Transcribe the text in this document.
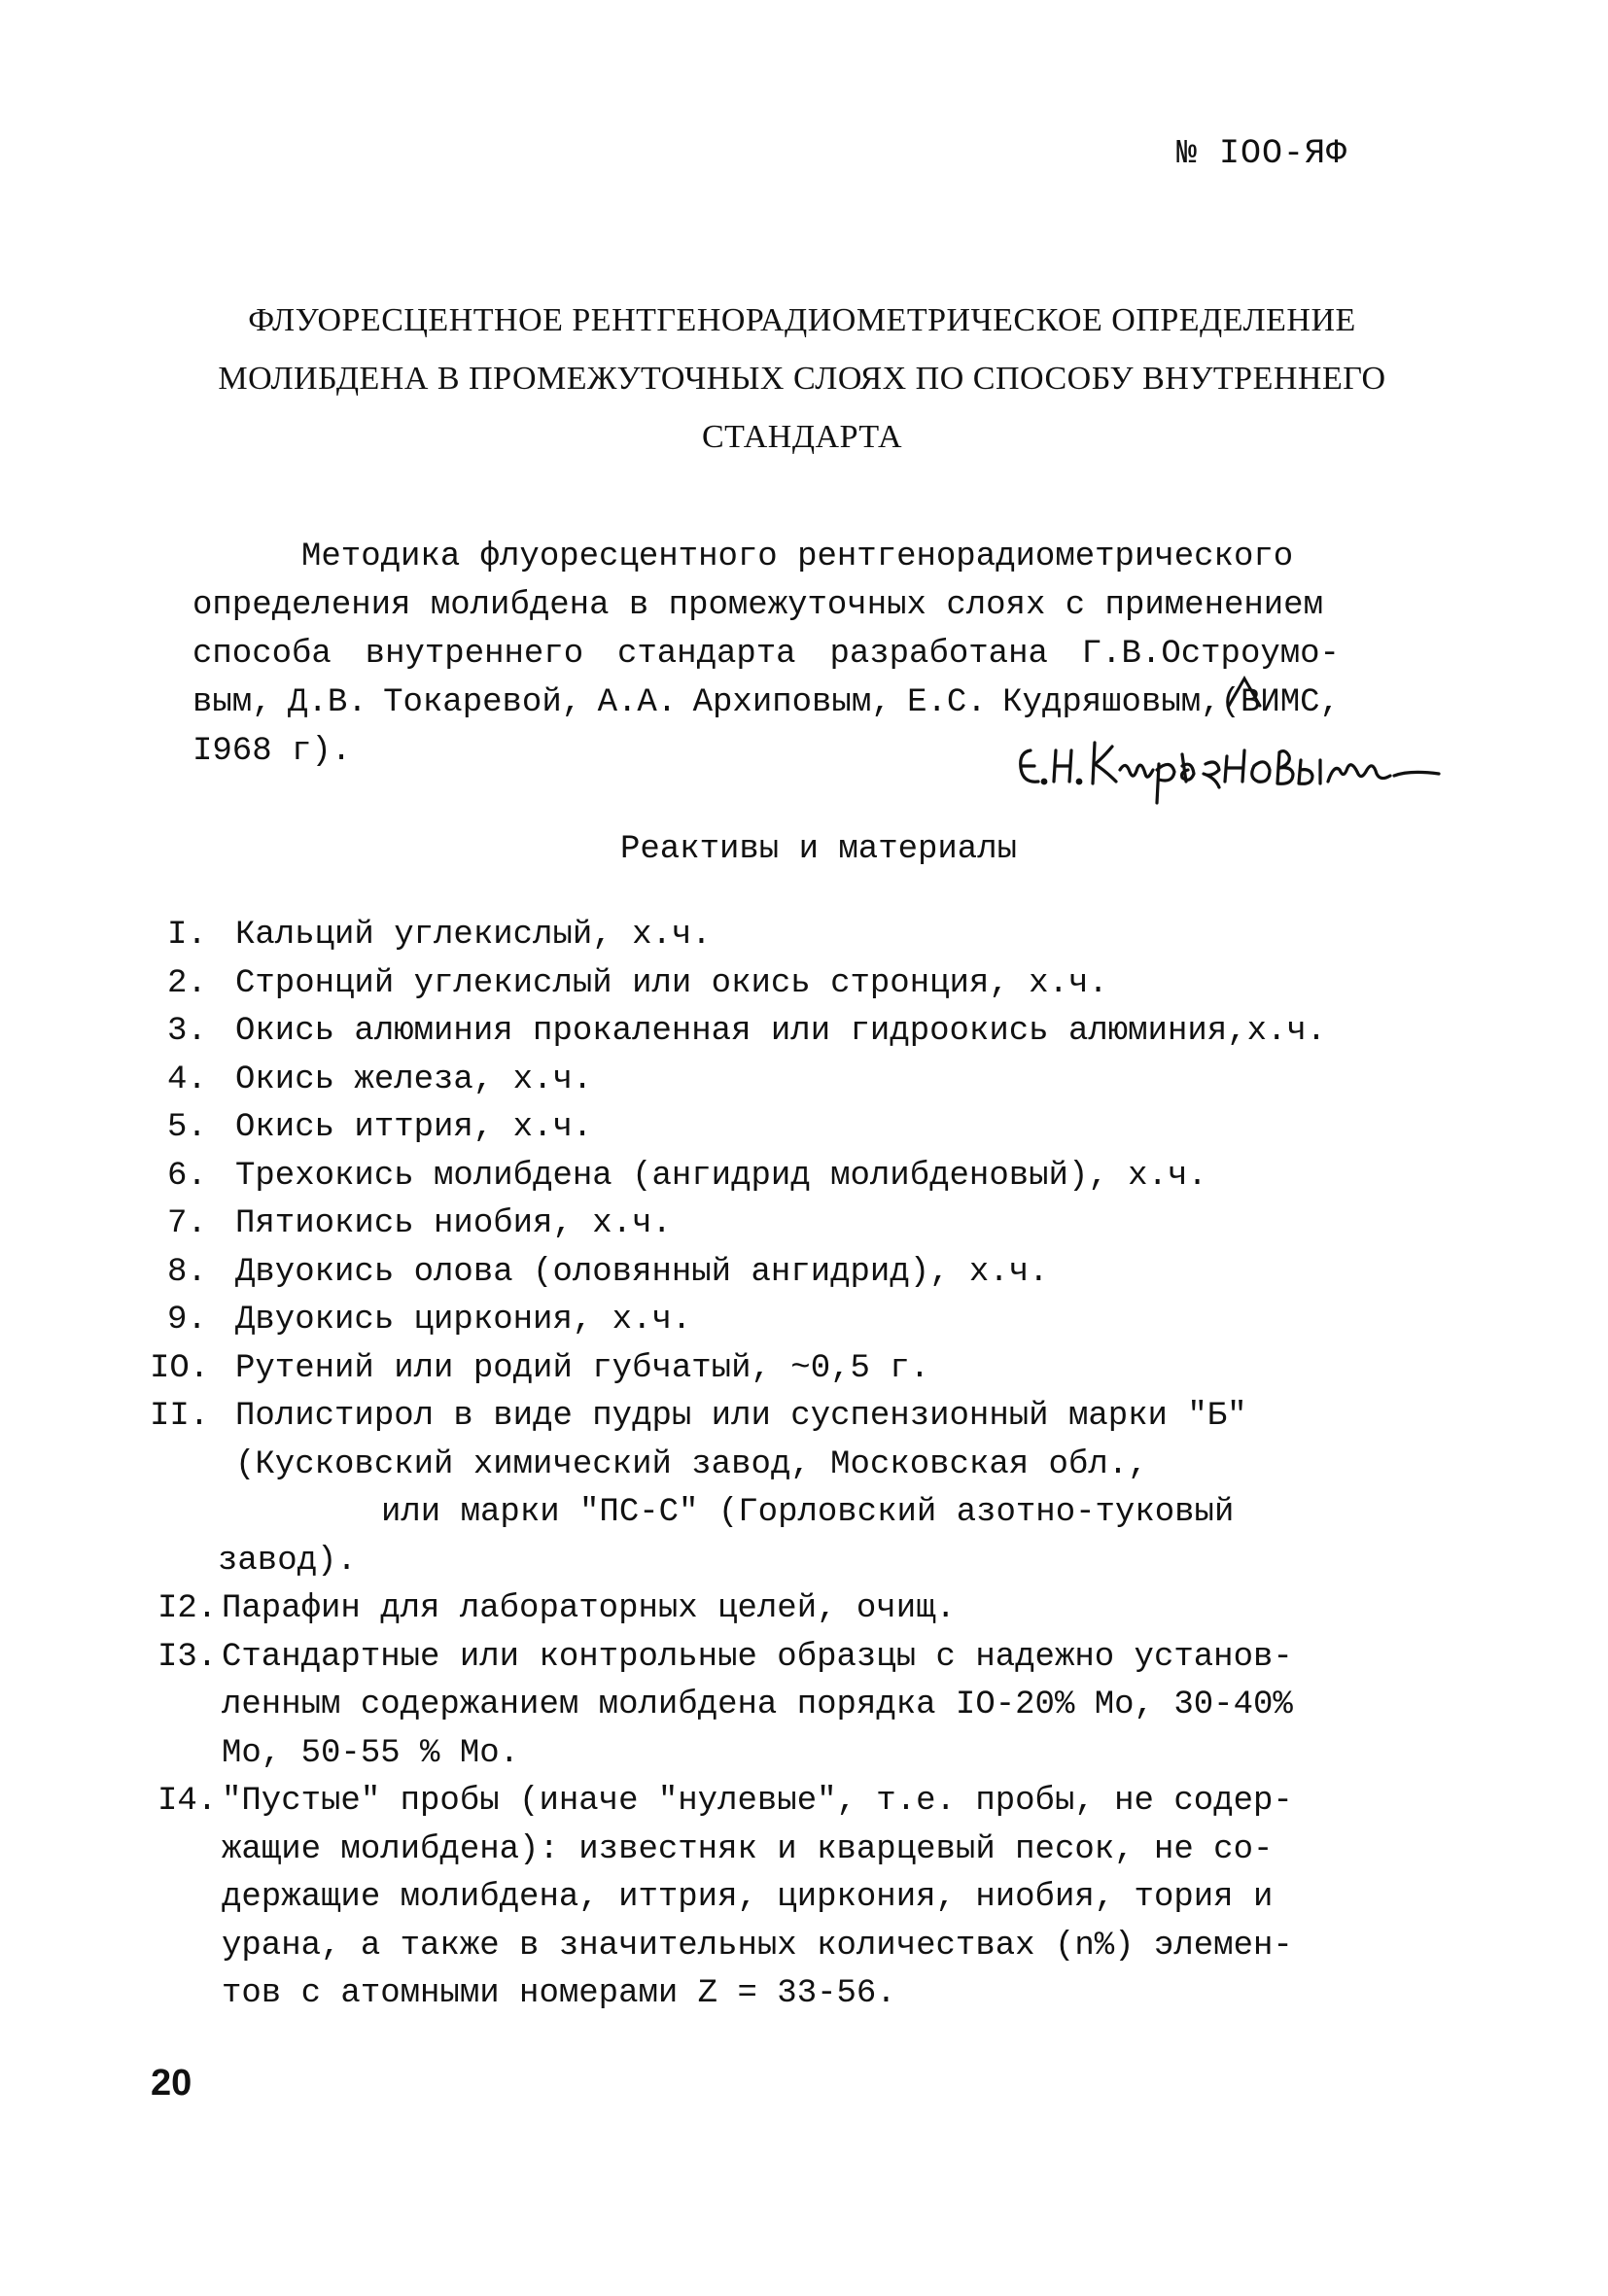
№ IOO-ЯФ
ФЛУОРЕСЦЕНТНОЕ РЕНТГЕНОРАДИОМЕТРИЧЕСКОЕ ОПРЕДЕЛЕНИЕ
МОЛИБДЕНА В ПРОМЕЖУТОЧНЫХ СЛОЯХ ПО СПОСОБУ ВНУТРЕННЕГО
СТАНДАРТА
Методика флуоресцентного рентгенорадиометрического
определения молибдена в промежуточных слоях с применением
способа внутреннего стандарта разработана Г.В.Остроумо-
вым, Д.В. Токаревой, А.А. Архиповым, Е.С. Кудряшовым,(ВИМС,
I968 г).
Реактивы и материалы
I. Кальций углекислый, х.ч.
2. Стронций углекислый или окись стронция, х.ч.
3. Окись алюминия прокаленная или гидроокись алюминия,х.ч.
4. Окись железа, х.ч.
5. Окись иттрия, х.ч.
6. Трехокись молибдена (ангидрид молибденовый), х.ч.
7. Пятиокись ниобия, х.ч.
8. Двуокись олова (оловянный ангидрид), х.ч.
9. Двуокись циркония, х.ч.
IO. Рутений или родий губчатый, ~0,5 г.
II. Полистирол в виде пудры или суспензионный марки "Б"
(Кусковский химический завод, Московская обл.,
или марки "ПС-С" (Горловский азотно-туковый
завод).
I2. Парафин для лабораторных целей, очищ.
I3. Стандартные или контрольные образцы с надежно установ-
ленным содержанием молибдена порядка IO-20% Mo, 30-40%
Mo, 50-55 % Mo.
I4. "Пустые" пробы (иначе "нулевые", т.е. пробы, не содер-
жащие молибдена): известняк и кварцевый песок, не со-
держащие молибдена, иттрия, циркония, ниобия, тория и
урана, а также в значительных количествах (n%) элемен-
тов с атомными номерами Z = 33-56.
20
